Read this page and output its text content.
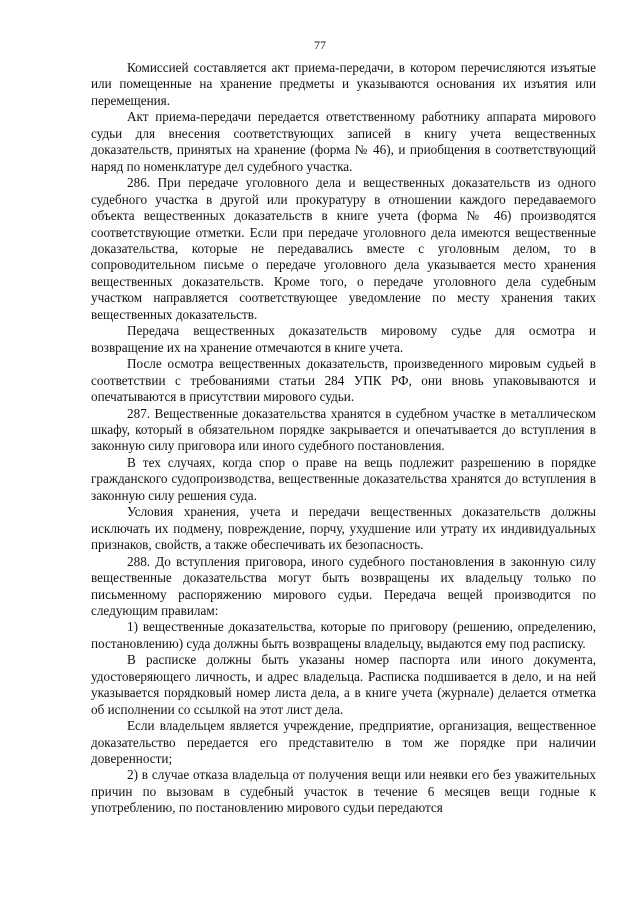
77

Комиссией составляется акт приема-передачи, в котором перечисляются изъятые или помещенные на хранение предметы и указываются основания их изъятия или перемещения.

Акт приема-передачи передается ответственному работнику аппарата мирового судьи для внесения соответствующих записей в книгу учета вещественных доказательств, принятых на хранение (форма № 46), и приобщения в соответствующий наряд по номенклатуре дел судебного участка.

286. При передаче уголовного дела и вещественных доказательств из одного судебного участка в другой или прокуратуру в отношении каждого передаваемого объекта вещественных доказательств в книге учета (форма № 46) производятся соответствующие отметки. Если при передаче уголовного дела имеются вещественные доказательства, которые не передавались вместе с уголовным делом, то в сопроводительном письме о передаче уголовного дела указывается место хранения вещественных доказательств. Кроме того, о передаче уголовного дела судебным участком направляется соответствующее уведомление по месту хранения таких вещественных доказательств.

Передача вещественных доказательств мировому судье для осмотра и возвращение их на хранение отмечаются в книге учета.

После осмотра вещественных доказательств, произведенного мировым судьей в соответствии с требованиями статьи 284 УПК РФ, они вновь упаковываются и опечатываются в присутствии мирового судьи.

287. Вещественные доказательства хранятся в судебном участке в металлическом шкафу, который в обязательном порядке закрывается и опечатывается до вступления в законную силу приговора или иного судебного постановления.

В тех случаях, когда спор о праве на вещь подлежит разрешению в порядке гражданского судопроизводства, вещественные доказательства хранятся до вступления в законную силу решения суда.

Условия хранения, учета и передачи вещественных доказательств должны исключать их подмену, повреждение, порчу, ухудшение или утрату их индивидуальных признаков, свойств, а также обеспечивать их безопасность.

288. До вступления приговора, иного судебного постановления в законную силу вещественные доказательства могут быть возвращены их владельцу только по письменному распоряжению мирового судьи. Передача вещей производится по следующим правилам:

1) вещественные доказательства, которые по приговору (решению, определению, постановлению) суда должны быть возвращены владельцу, выдаются ему под расписку.

В расписке должны быть указаны номер паспорта или иного документа, удостоверяющего личность, и адрес владельца. Расписка подшивается в дело, и на ней указывается порядковый номер листа дела, а в книге учета (журнале) делается отметка об исполнении со ссылкой на этот лист дела.

Если владельцем является учреждение, предприятие, организация, вещественное доказательство передается его представителю в том же порядке при наличии доверенности;

2) в случае отказа владельца от получения вещи или неявки его без уважительных причин по вызовам в судебный участок в течение 6 месяцев вещи годные к употреблению, по постановлению мирового судьи передаются
